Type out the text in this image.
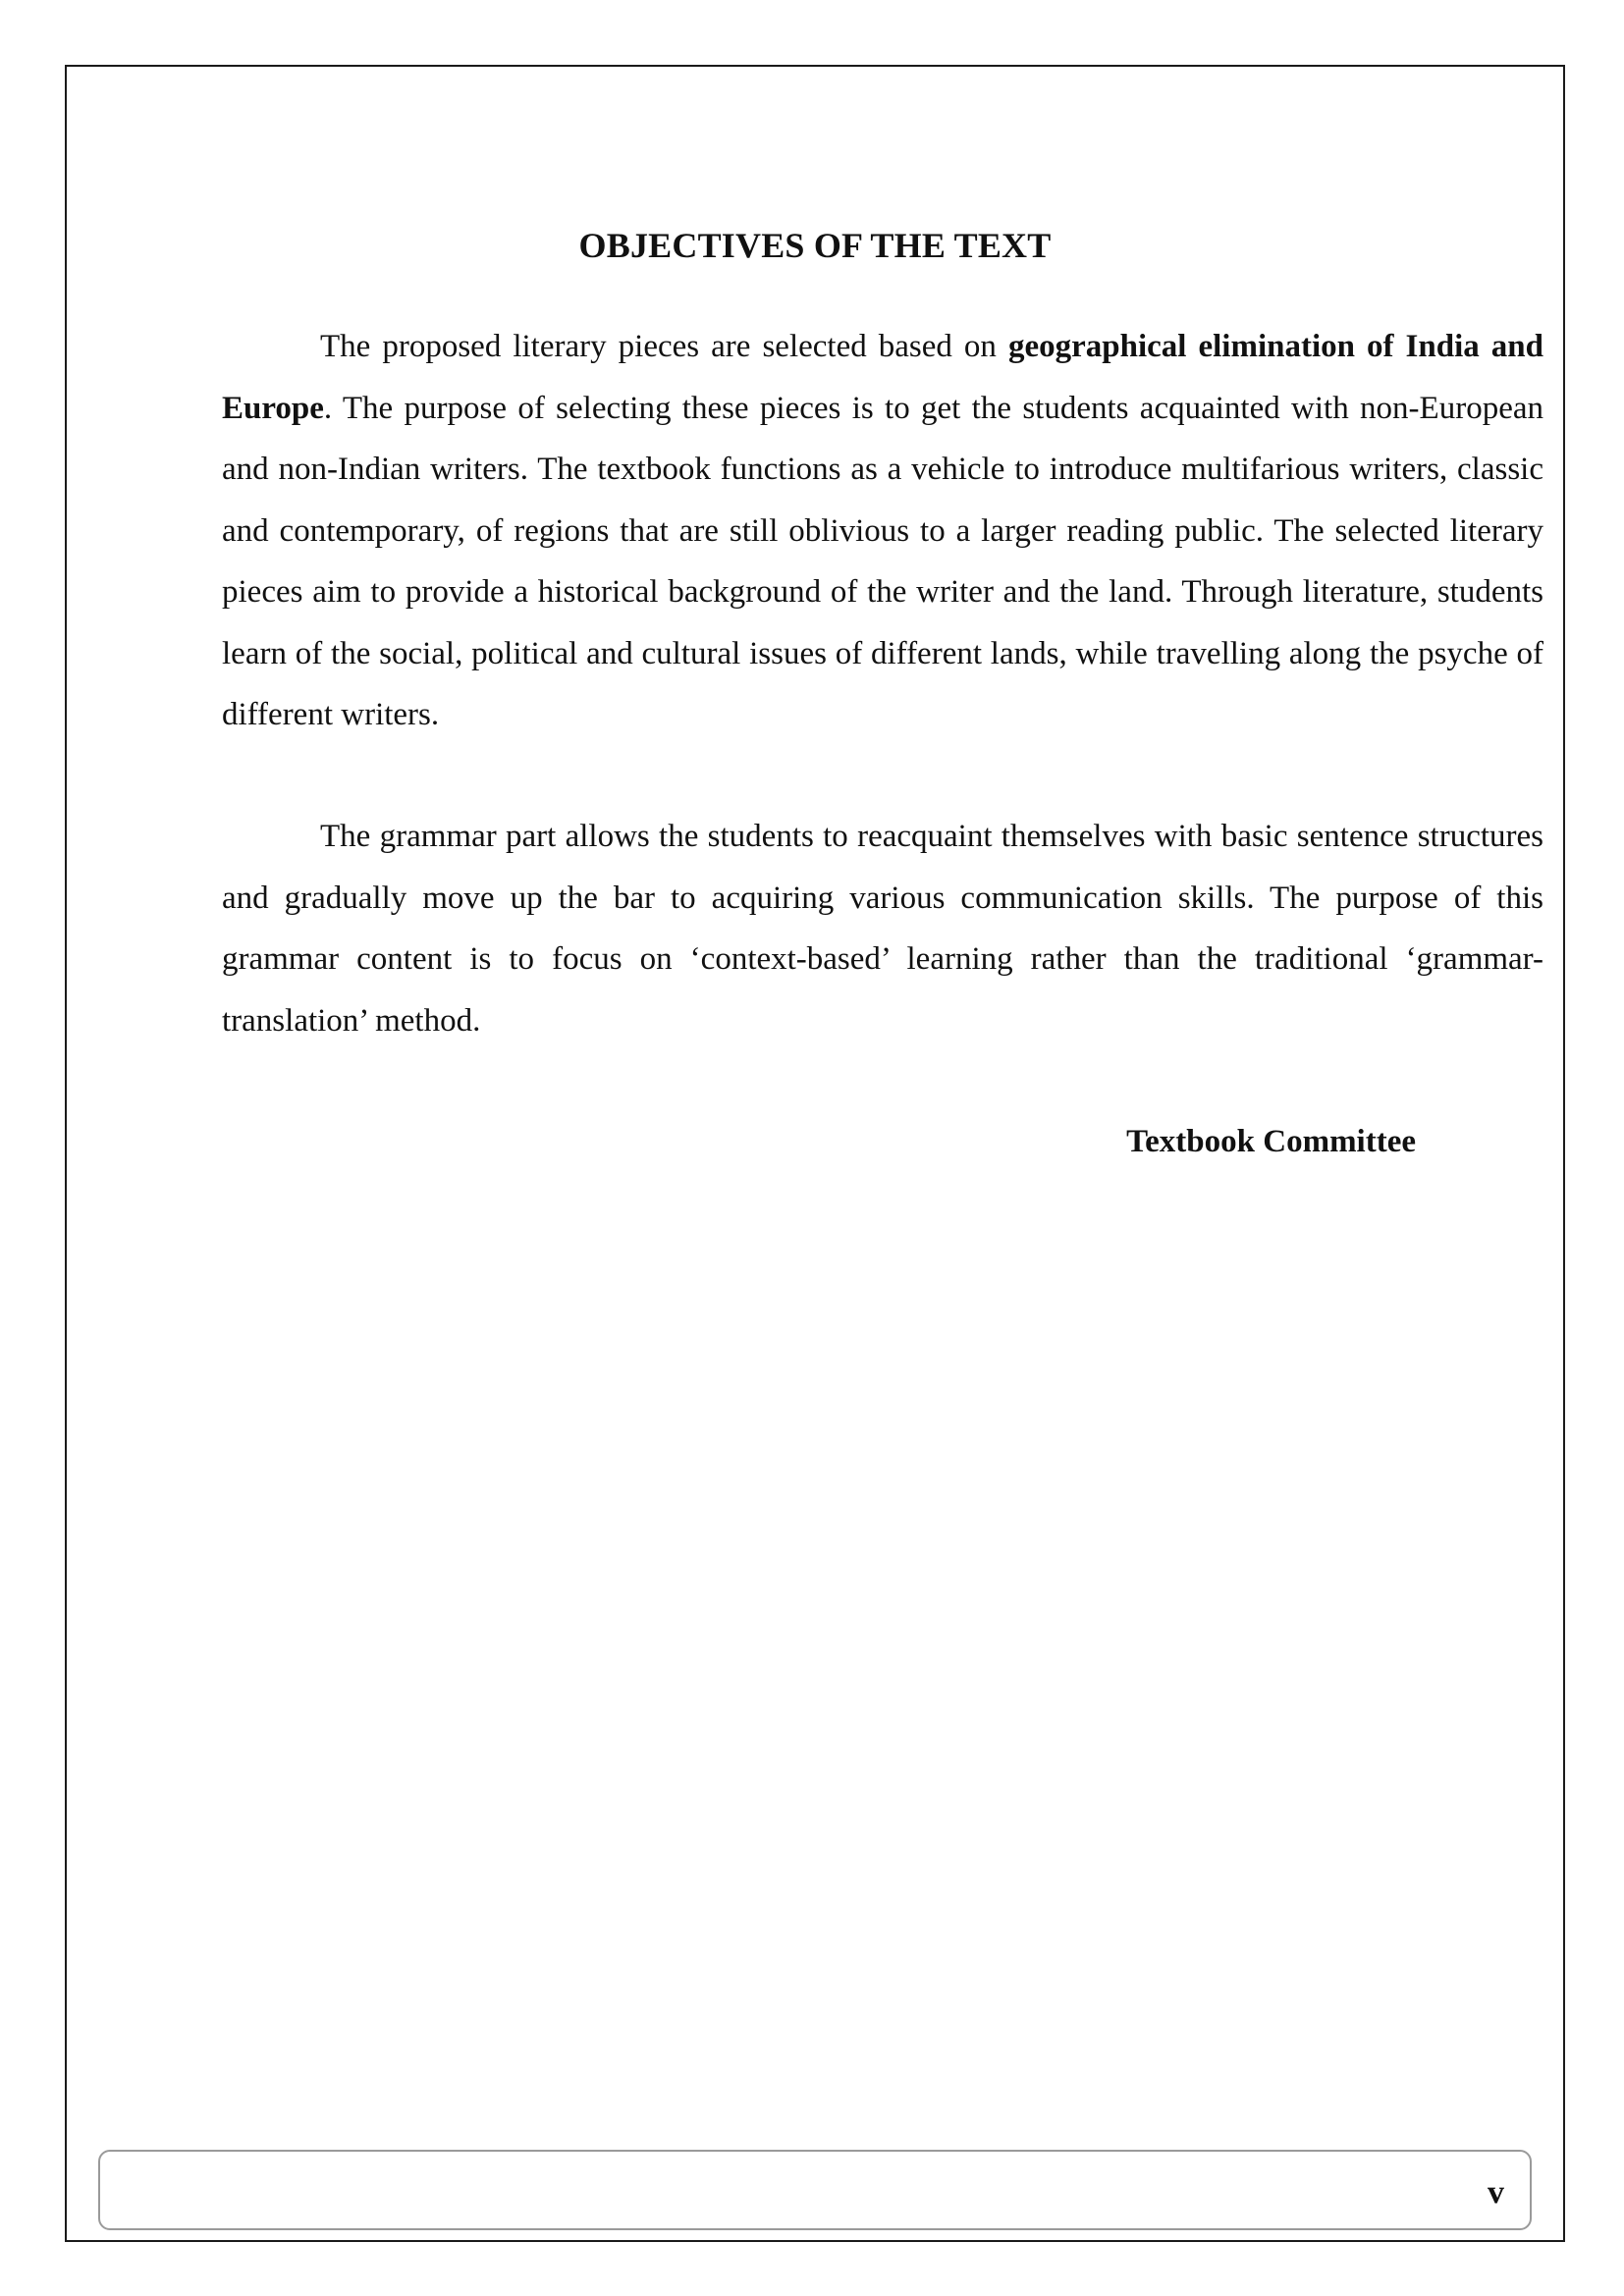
OBJECTIVES OF THE TEXT

The proposed literary pieces are selected based on geographical elimination of India and Europe. The purpose of selecting these pieces is to get the students acquainted with non-European and non-Indian writers. The textbook functions as a vehicle to introduce multifarious writers, classic and contemporary, of regions that are still oblivious to a larger reading public. The selected literary pieces aim to provide a historical background of the writer and the land. Through literature, students learn of the social, political and cultural issues of different lands, while travelling along the psyche of different writers.

The grammar part allows the students to reacquaint themselves with basic sentence structures and gradually move up the bar to acquiring various communication skills. The purpose of this grammar content is to focus on ‘context-based’ learning rather than the traditional ‘grammar-translation’ method.

Textbook Committee

v
